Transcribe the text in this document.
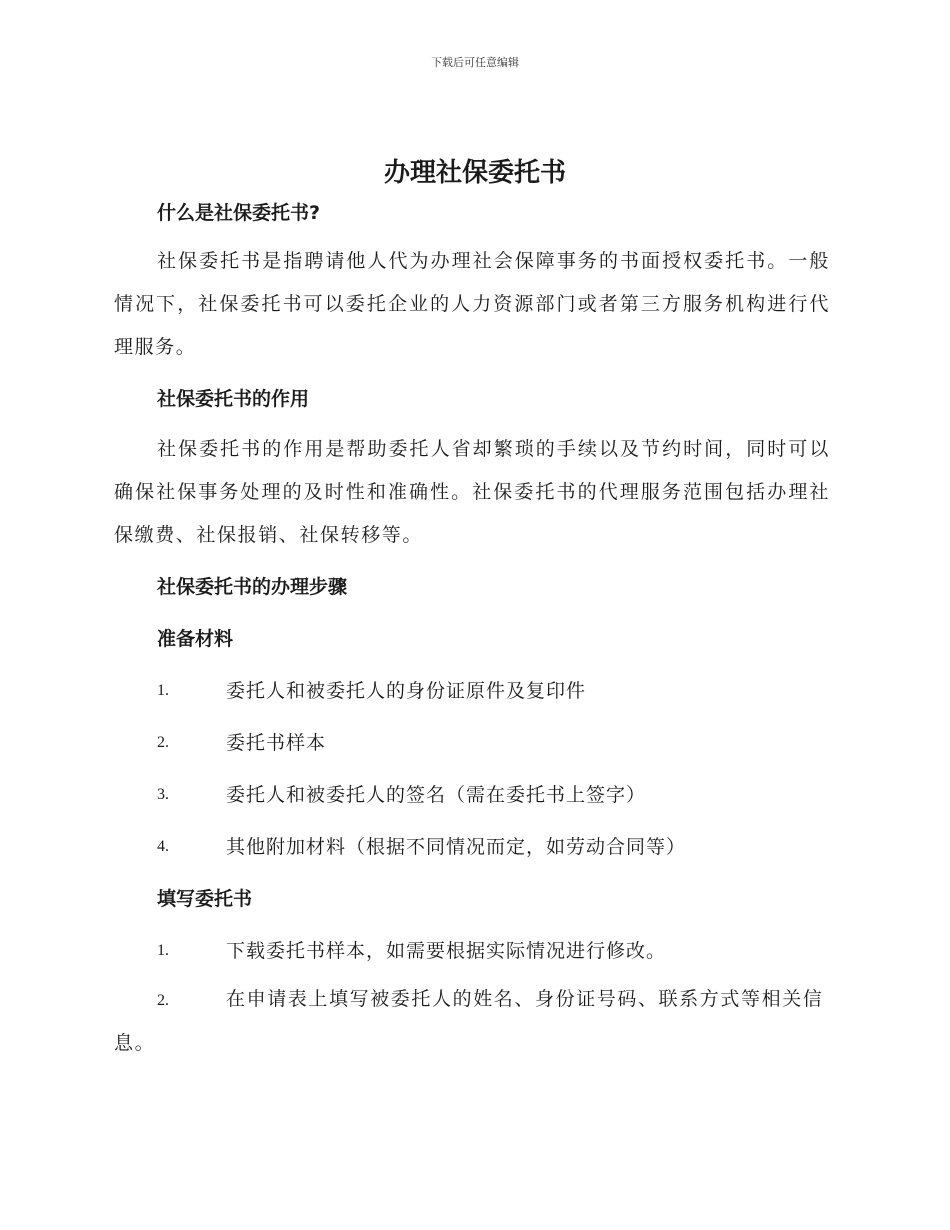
下载后可任意编辑
办理社保委托书
什么是社保委托书?

社保委托书是指聘请他人代为办理社会保障事务的书面授权委托书。一般情况下，社保委托书可以委托企业的人力资源部门或者第三方服务机构进行代理服务。

社保委托书的作用

社保委托书的作用是帮助委托人省却繁琐的手续以及节约时间，同时可以确保社保事务处理的及时性和准确性。社保委托书的代理服务范围包括办理社保缴费、社保报销、社保转移等。

社保委托书的办理步骤
准备材料
1.	委托人和被委托人的身份证原件及复印件
2.	委托书样本
3.	委托人和被委托人的签名（需在委托书上签字）
4.	其他附加材料（根据不同情况而定，如劳动合同等）
填写委托书
1.	下载委托书样本，如需要根据实际情况进行修改。
2.	在申请表上填写被委托人的姓名、身份证号码、联系方式等相关信息。
